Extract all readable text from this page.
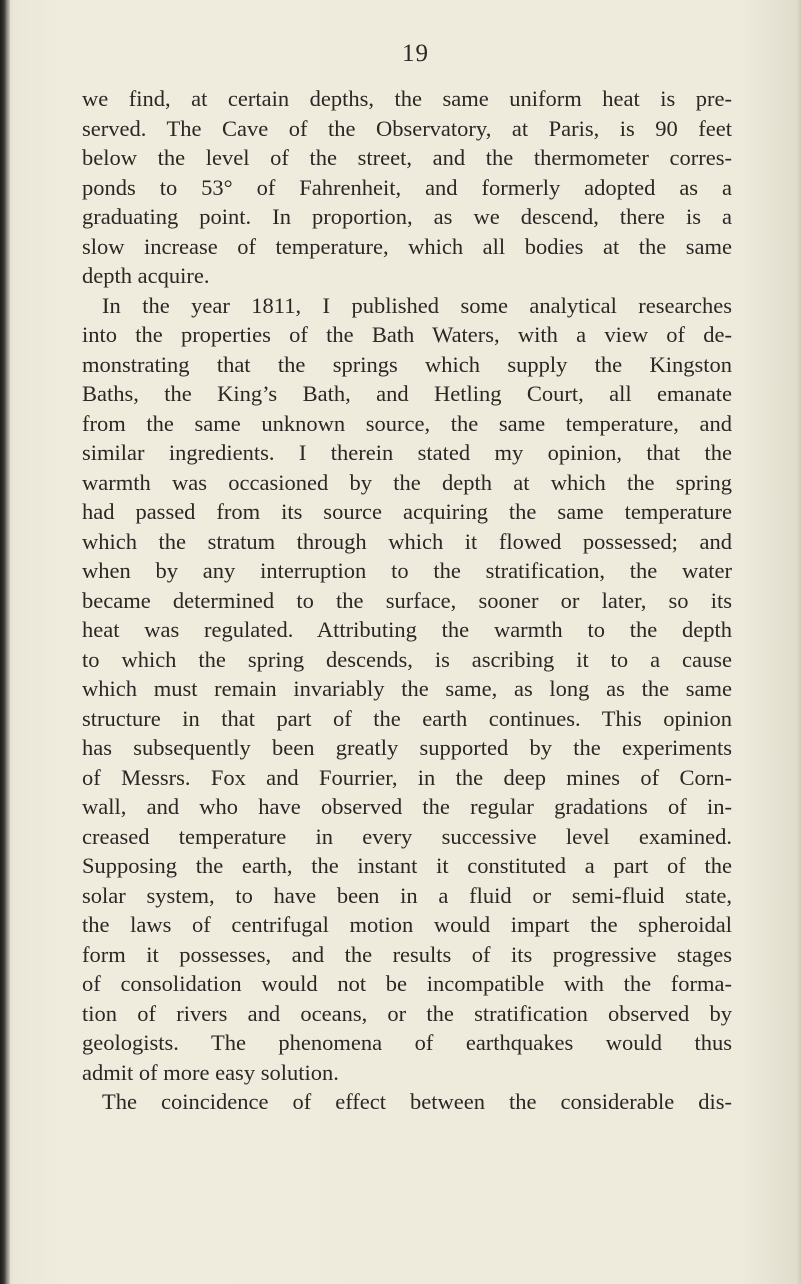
19
we find, at certain depths, the same uniform heat is pre-
served. The Cave of the Observatory, at Paris, is 90 feet
below the level of the street, and the thermometer corres-
ponds to 53° of Fahrenheit, and formerly adopted as a
graduating point. In proportion, as we descend, there is a
slow increase of temperature, which all bodies at the same
depth acquire.
In the year 1811, I published some analytical researches
into the properties of the Bath Waters, with a view of de-
monstrating that the springs which supply the Kingston
Baths, the King’s Bath, and Hetling Court, all emanate
from the same unknown source, the same temperature, and
similar ingredients. I therein stated my opinion, that the
warmth was occasioned by the depth at which the spring
had passed from its source acquiring the same temperature
which the stratum through which it flowed possessed; and
when by any interruption to the stratification, the water
became determined to the surface, sooner or later, so its
heat was regulated. Attributing the warmth to the depth
to which the spring descends, is ascribing it to a cause
which must remain invariably the same, as long as the same
structure in that part of the earth continues. This opinion
has subsequently been greatly supported by the experiments
of Messrs. Fox and Fourrier, in the deep mines of Corn-
wall, and who have observed the regular gradations of in-
creased temperature in every successive level examined.
Supposing the earth, the instant it constituted a part of the
solar system, to have been in a fluid or semi-fluid state,
the laws of centrifugal motion would impart the spheroidal
form it possesses, and the results of its progressive stages
of consolidation would not be incompatible with the forma-
tion of rivers and oceans, or the stratification observed by
geologists. The phenomena of earthquakes would thus
admit of more easy solution.
The coincidence of effect between the considerable dis-
